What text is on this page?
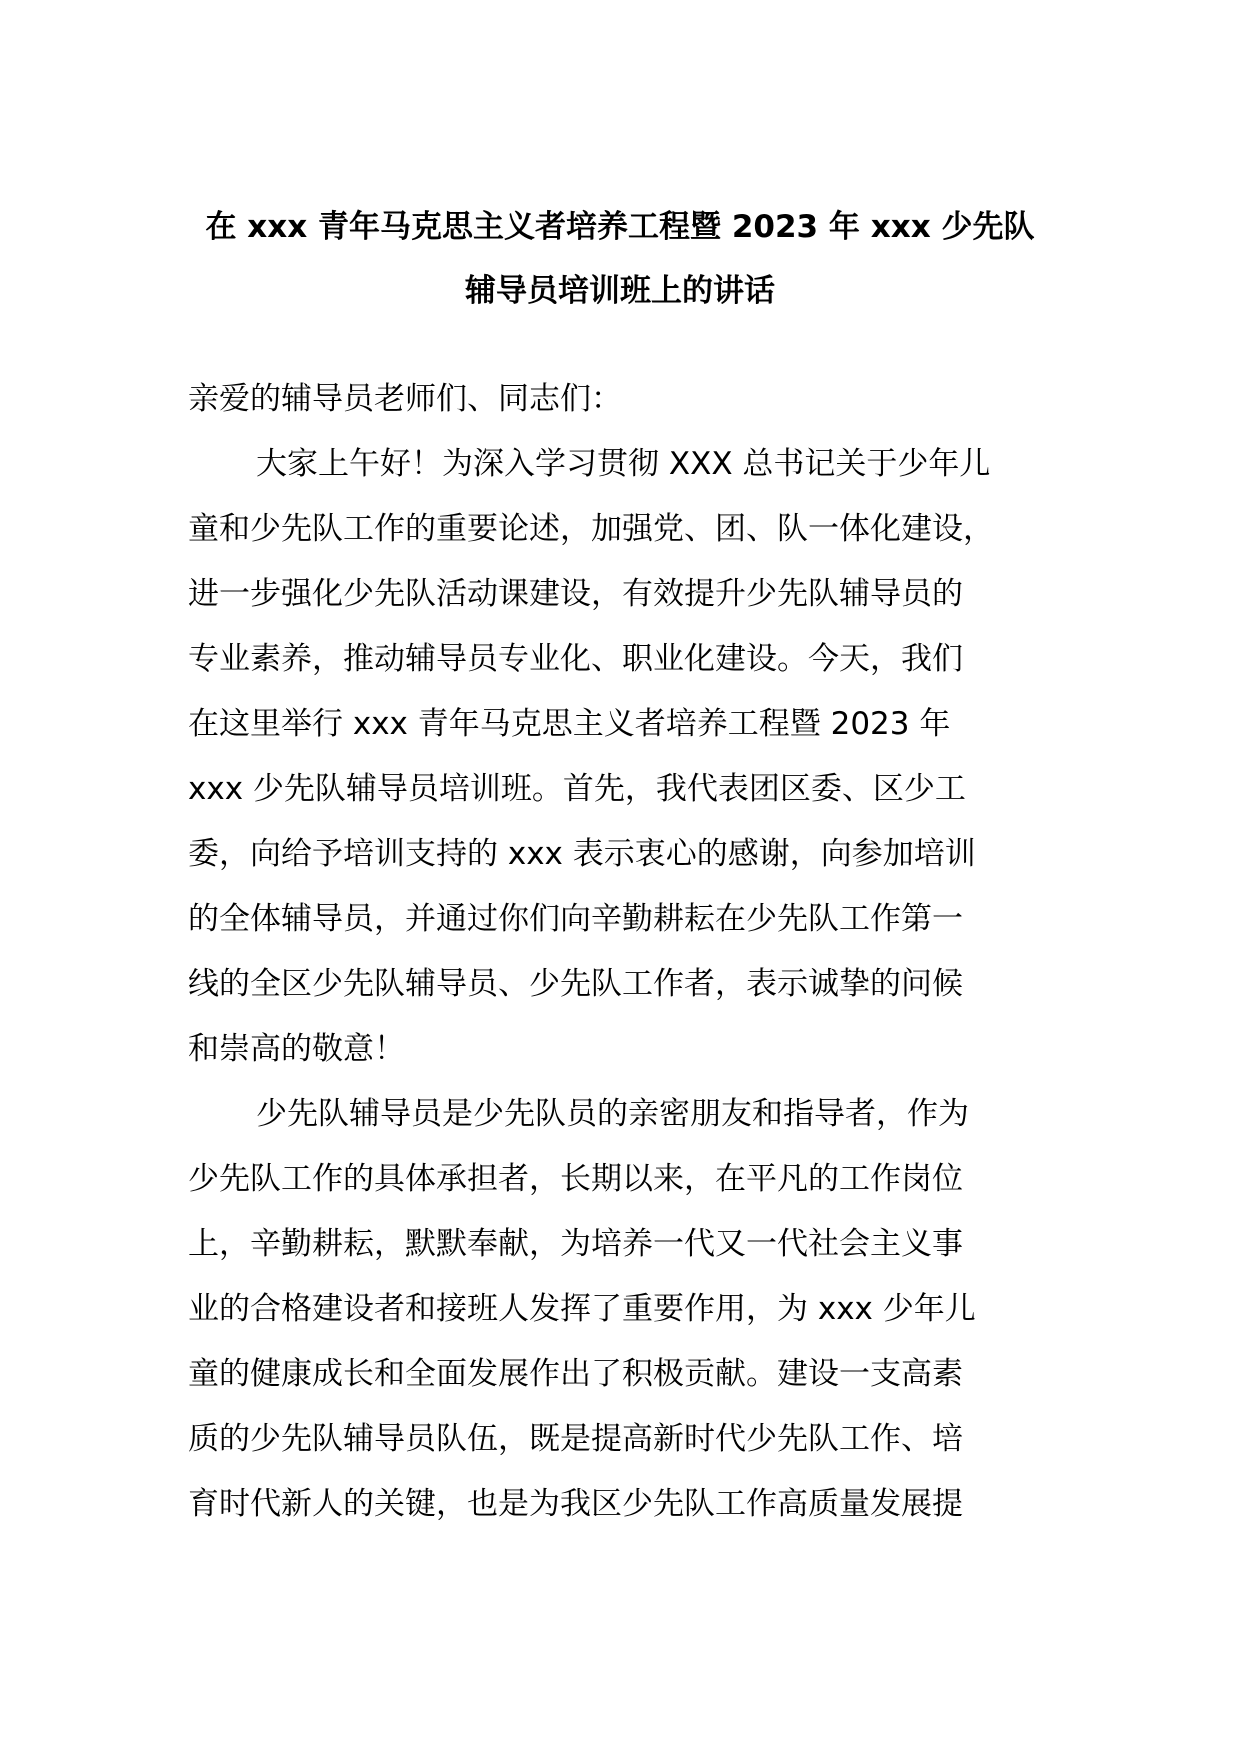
在 xxx 青年马克思主义者培养工程暨 2023 年 xxx 少先队
辅导员培训班上的讲话
亲爱的辅导员老师们、同志们：
大家上午好！为深入学习贯彻 XXX 总书记关于少年儿
童和少先队工作的重要论述，加强党、团、队一体化建设，
进一步强化少先队活动课建设，有效提升少先队辅导员的
专业素养，推动辅导员专业化、职业化建设。今天，我们
在这里举行 xxx 青年马克思主义者培养工程暨 2023 年
xxx 少先队辅导员培训班。首先，我代表团区委、区少工
委，向给予培训支持的 xxx 表示衷心的感谢，向参加培训
的全体辅导员，并通过你们向辛勤耕耘在少先队工作第一
线的全区少先队辅导员、少先队工作者，表示诚挚的问候
和崇高的敬意！
少先队辅导员是少先队员的亲密朋友和指导者，作为
少先队工作的具体承担者，长期以来，在平凡的工作岗位
上，辛勤耕耘，默默奉献，为培养一代又一代社会主义事
业的合格建设者和接班人发挥了重要作用，为 xxx 少年儿
童的健康成长和全面发展作出了积极贡献。建设一支高素
质的少先队辅导员队伍，既是提高新时代少先队工作、培
育时代新人的关键，也是为我区少先队工作高质量发展提
